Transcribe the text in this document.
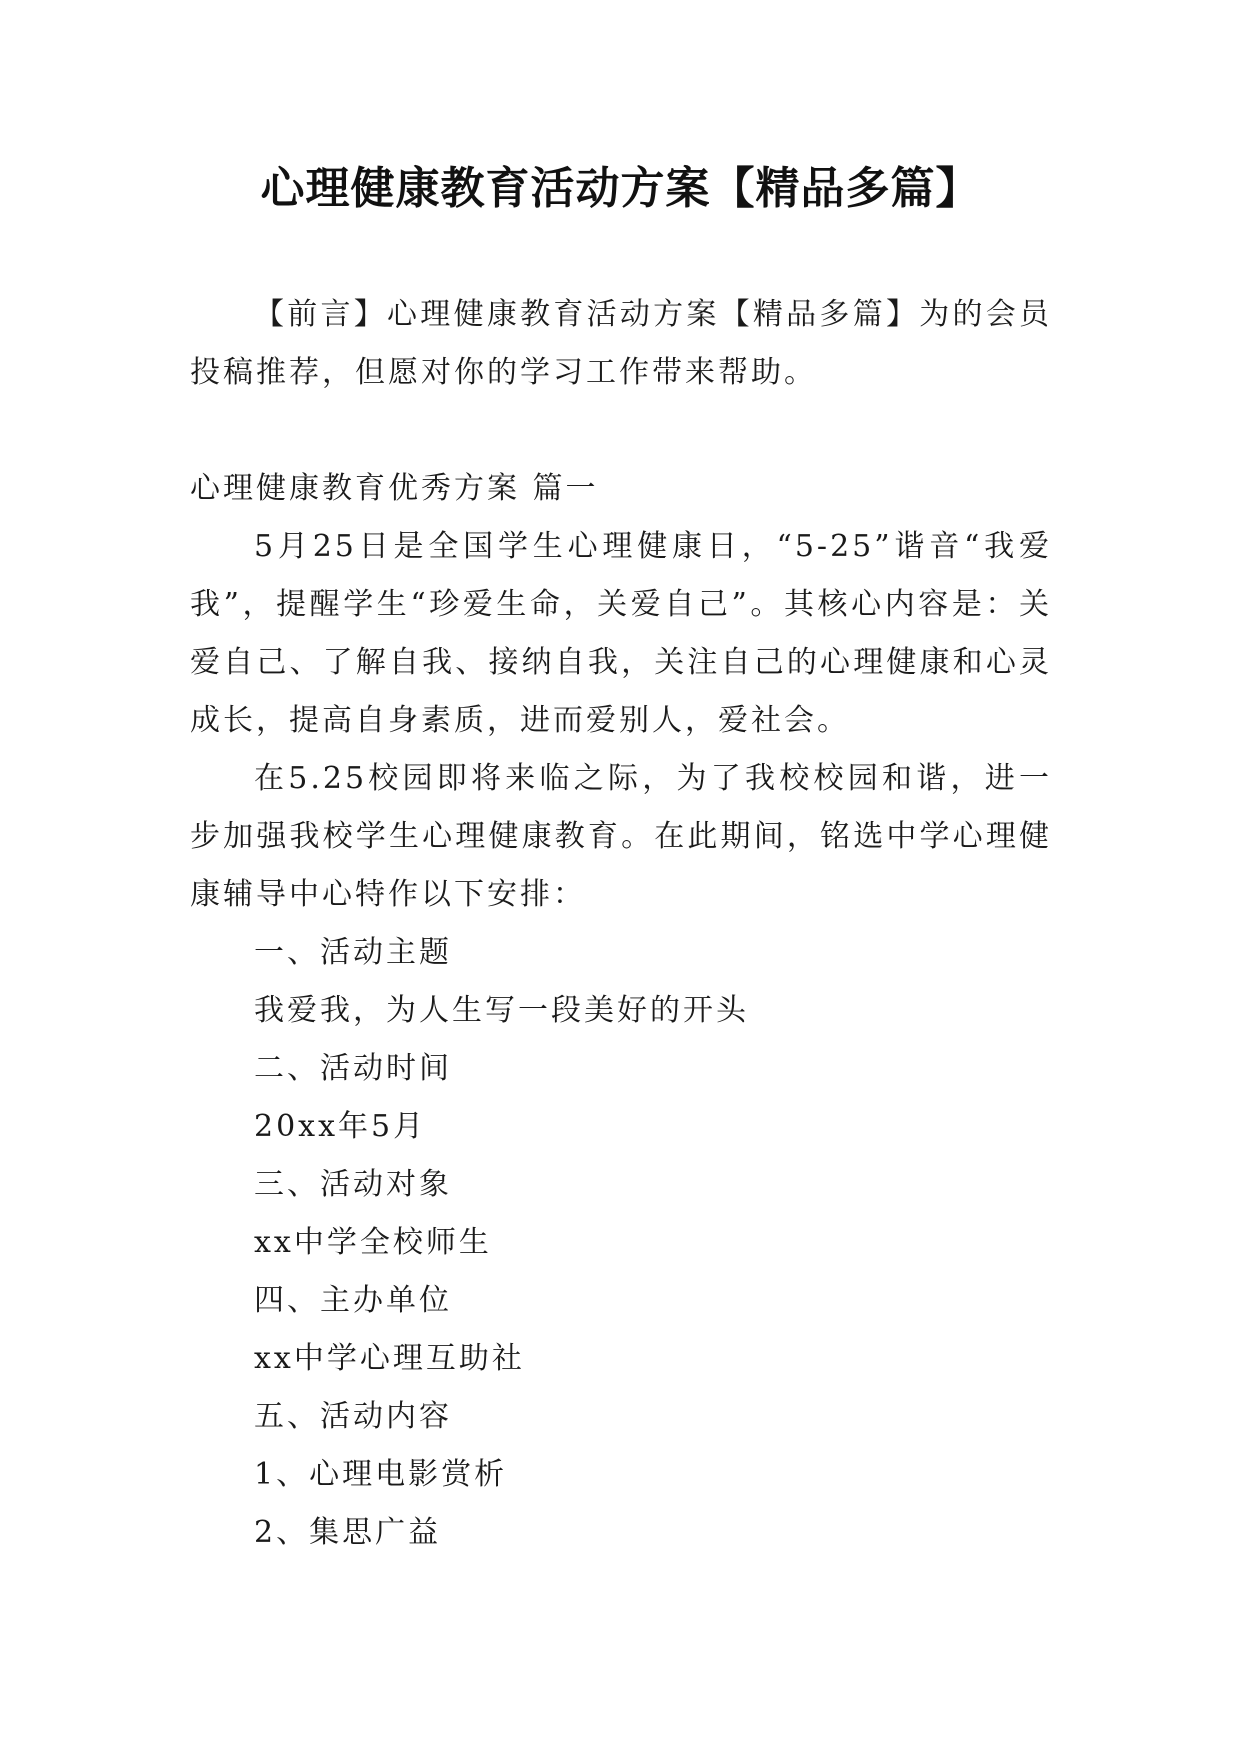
心理健康教育活动方案【精品多篇】

【前言】心理健康教育活动方案【精品多篇】为的会员投稿推荐，但愿对你的学习工作带来帮助。

心理健康教育优秀方案 篇一

5月25日是全国学生心理健康日，“5-25”谐音“我爱我”，提醒学生“珍爱生命，关爱自己”。其核心内容是：关爱自己、了解自我、接纳自我，关注自己的心理健康和心灵成长，提高自身素质，进而爱别人，爱社会。

在5.25校园即将来临之际，为了我校校园和谐，进一步加强我校学生心理健康教育。在此期间，铭选中学心理健康辅导中心特作以下安排：

一、活动主题

我爱我，为人生写一段美好的开头

二、活动时间

20xx年5月

三、活动对象

xx中学全校师生

四、主办单位

xx中学心理互助社

五、活动内容

1、心理电影赏析

2、集思广益
